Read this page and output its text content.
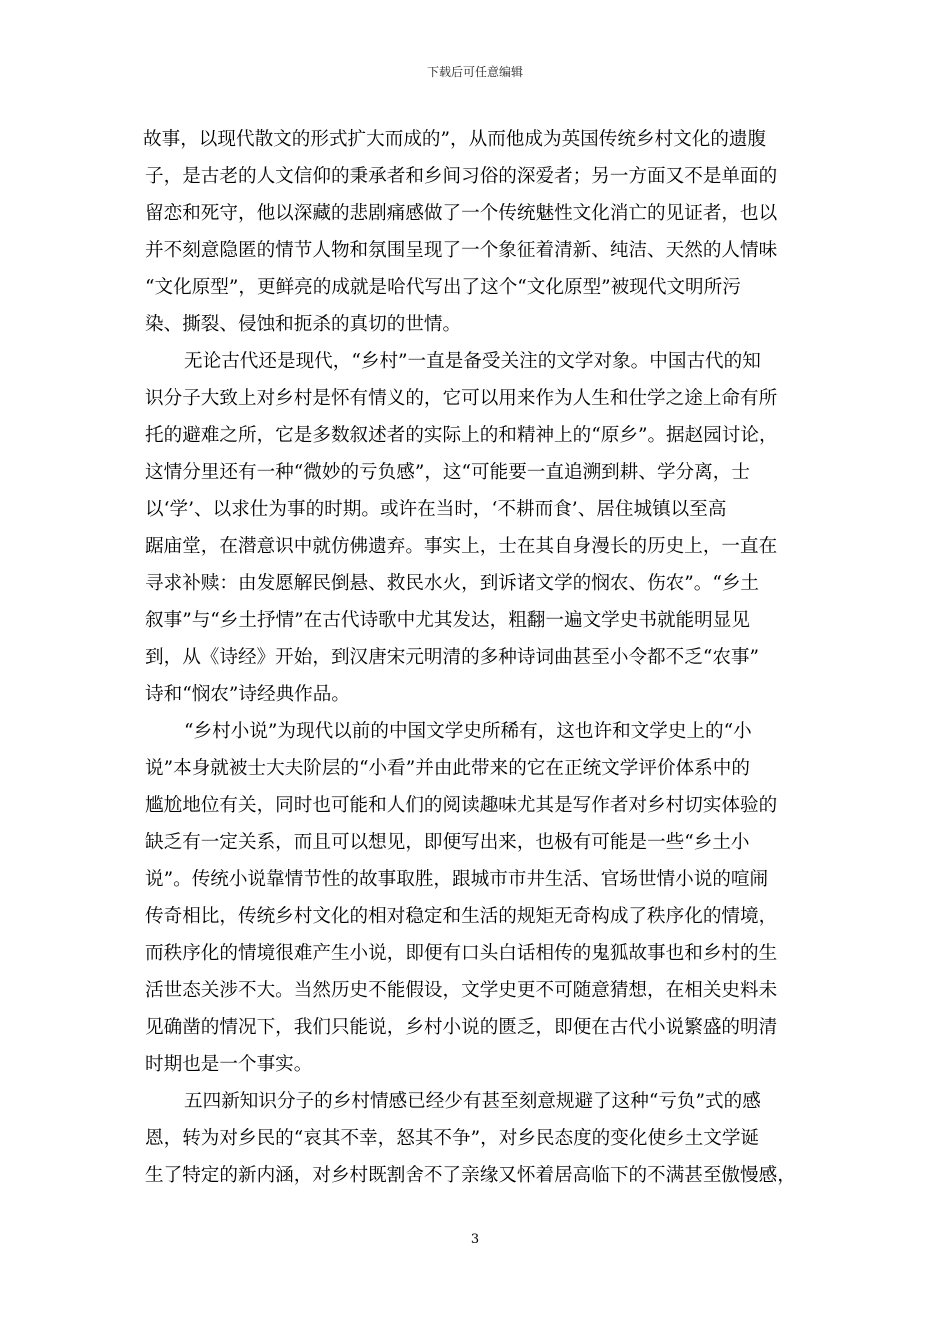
下载后可任意编辑
故事，以现代散文的形式扩大而成的”，从而他成为英国传统乡村文化的遗腹
子，是古老的人文信仰的秉承者和乡间习俗的深爱者；另一方面又不是单面的
留恋和死守，他以深藏的悲剧痛感做了一个传统魅性文化消亡的见证者，也以
并不刻意隐匿的情节人物和氛围呈现了一个象征着清新、纯洁、天然的人情味
“文化原型”，更鲜亮的成就是哈代写出了这个“文化原型”被现代文明所污
染、撕裂、侵蚀和扼杀的真切的世情。
无论古代还是现代，“乡村”一直是备受关注的文学对象。中国古代的知
识分子大致上对乡村是怀有情义的，它可以用来作为人生和仕学之途上命有所
托的避难之所，它是多数叙述者的实际上的和精神上的“原乡”。据赵园讨论，
这情分里还有一种“微妙的亏负感”，这“可能要一直追溯到耕、学分离，士
以‘学’、以求仕为事的时期。或许在当时，‘不耕而食’、居住城镇以至高
踞庙堂，在潜意识中就仿佛遗弃。事实上，士在其自身漫长的历史上，一直在
寻求补赎：由发愿解民倒悬、救民水火，到诉诸文学的悯农、伤农”。“乡土
叙事”与“乡土抒情”在古代诗歌中尤其发达，粗翻一遍文学史书就能明显见
到，从《诗经》开始，到汉唐宋元明清的多种诗词曲甚至小令都不乏“农事”
诗和“悯农”诗经典作品。
“乡村小说”为现代以前的中国文学史所稀有，这也许和文学史上的“小
说”本身就被士大夫阶层的“小看”并由此带来的它在正统文学评价体系中的
尴尬地位有关，同时也可能和人们的阅读趣味尤其是写作者对乡村切实体验的
缺乏有一定关系，而且可以想见，即便写出来，也极有可能是一些“乡土小
说”。传统小说靠情节性的故事取胜，跟城市市井生活、官场世情小说的喧闹
传奇相比，传统乡村文化的相对稳定和生活的规矩无奇构成了秩序化的情境，
而秩序化的情境很难产生小说，即便有口头白话相传的鬼狐故事也和乡村的生
活世态关涉不大。当然历史不能假设，文学史更不可随意猜想，在相关史料未
见确凿的情况下，我们只能说，乡村小说的匮乏，即便在古代小说繁盛的明清
时期也是一个事实。
五四新知识分子的乡村情感已经少有甚至刻意规避了这种“亏负”式的感
恩，转为对乡民的“哀其不幸，怒其不争”，对乡民态度的变化使乡土文学诞
生了特定的新内涵，对乡村既割舍不了亲缘又怀着居高临下的不满甚至傲慢感，
3
